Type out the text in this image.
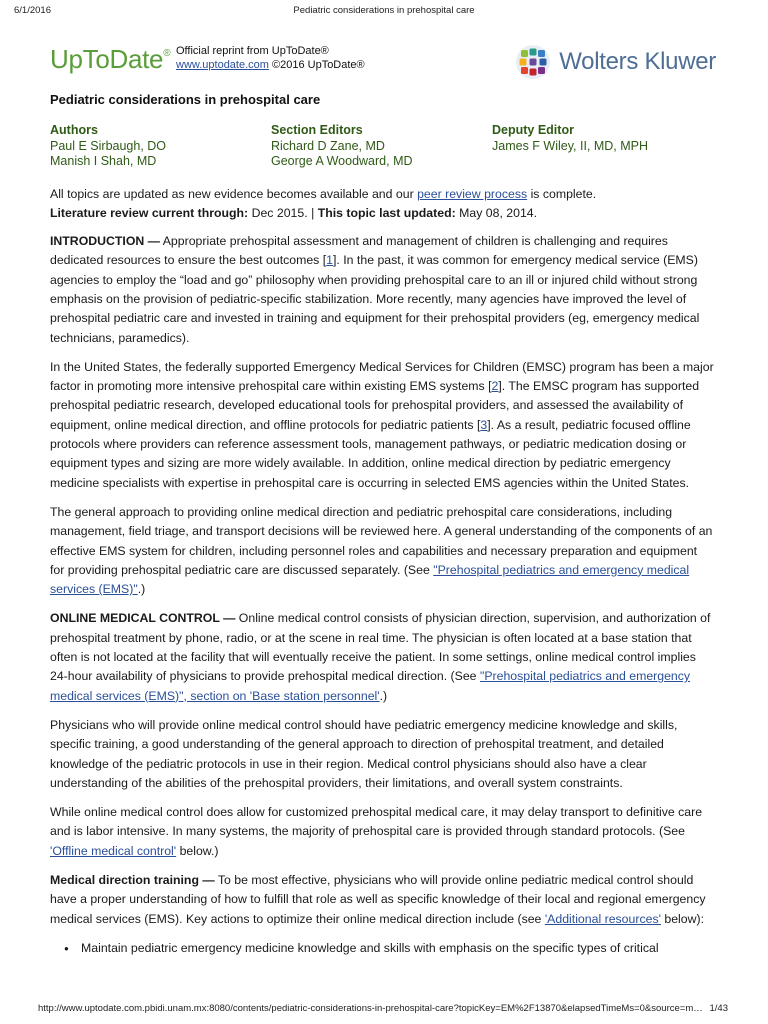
6/1/2016	Pediatric considerations in prehospital care
UpToDate® Official reprint from UpToDate®
www.uptodate.com ©2016 UpToDate®	Wolters Kluwer
Pediatric considerations in prehospital care
Authors
Paul E Sirbaugh, DO
Manish I Shah, MD
Section Editors
Richard D Zane, MD
George A Woodward, MD
Deputy Editor
James F Wiley, II, MD, MPH

All topics are updated as new evidence becomes available and our peer review process is complete.
Literature review current through: Dec 2015. | This topic last updated: May 08, 2014.

INTRODUCTION — Appropriate prehospital assessment and management of children is challenging and requires dedicated resources to ensure the best outcomes [1]. In the past, it was common for emergency medical service (EMS) agencies to employ the “load and go” philosophy when providing prehospital care to an ill or injured child without strong emphasis on the provision of pediatric-specific stabilization. More recently, many agencies have improved the level of prehospital pediatric care and invested in training and equipment for their prehospital providers (eg, emergency medical technicians, paramedics).

In the United States, the federally supported Emergency Medical Services for Children (EMSC) program has been a major factor in promoting more intensive prehospital care within existing EMS systems [2]. The EMSC program has supported prehospital pediatric research, developed educational tools for prehospital providers, and assessed the availability of equipment, online medical direction, and offline protocols for pediatric patients [3]. As a result, pediatric focused offline protocols where providers can reference assessment tools, management pathways, or pediatric medication dosing or equipment types and sizing are more widely available. In addition, online medical direction by pediatric emergency medicine specialists with expertise in prehospital care is occurring in selected EMS agencies within the United States.

The general approach to providing online medical direction and pediatric prehospital care considerations, including management, field triage, and transport decisions will be reviewed here. A general understanding of the components of an effective EMS system for children, including personnel roles and capabilities and necessary preparation and equipment for providing prehospital pediatric care are discussed separately. (See "Prehospital pediatrics and emergency medical services (EMS)".)

ONLINE MEDICAL CONTROL — Online medical control consists of physician direction, supervision, and authorization of prehospital treatment by phone, radio, or at the scene in real time. The physician is often located at a base station that often is not located at the facility that will eventually receive the patient. In some settings, online medical control implies 24-hour availability of physicians to provide prehospital medical direction. (See "Prehospital pediatrics and emergency medical services (EMS)", section on 'Base station personnel'.)

Physicians who will provide online medical control should have pediatric emergency medicine knowledge and skills, specific training, a good understanding of the general approach to direction of prehospital treatment, and detailed knowledge of the pediatric protocols in use in their region. Medical control physicians should also have a clear understanding of the abilities of the prehospital providers, their limitations, and overall system constraints.

While online medical control does allow for customized prehospital medical care, it may delay transport to definitive care and is labor intensive. In many systems, the majority of prehospital care is provided through standard protocols. (See 'Offline medical control' below.)

Medical direction training — To be most effective, physicians who will provide online pediatric medical control should have a proper understanding of how to fulfill that role as well as specific knowledge of their local and regional emergency medical services (EMS). Key actions to optimize their online medical direction include (see 'Additional resources' below):

● Maintain pediatric emergency medicine knowledge and skills with emphasis on the specific types of critical
http://www.uptodate.com.pbidi.unam.mx:8080/contents/pediatric-considerations-in-prehospital-care?topicKey=EM%2F13870&elapsedTimeMs=0&source=m… 1/43
